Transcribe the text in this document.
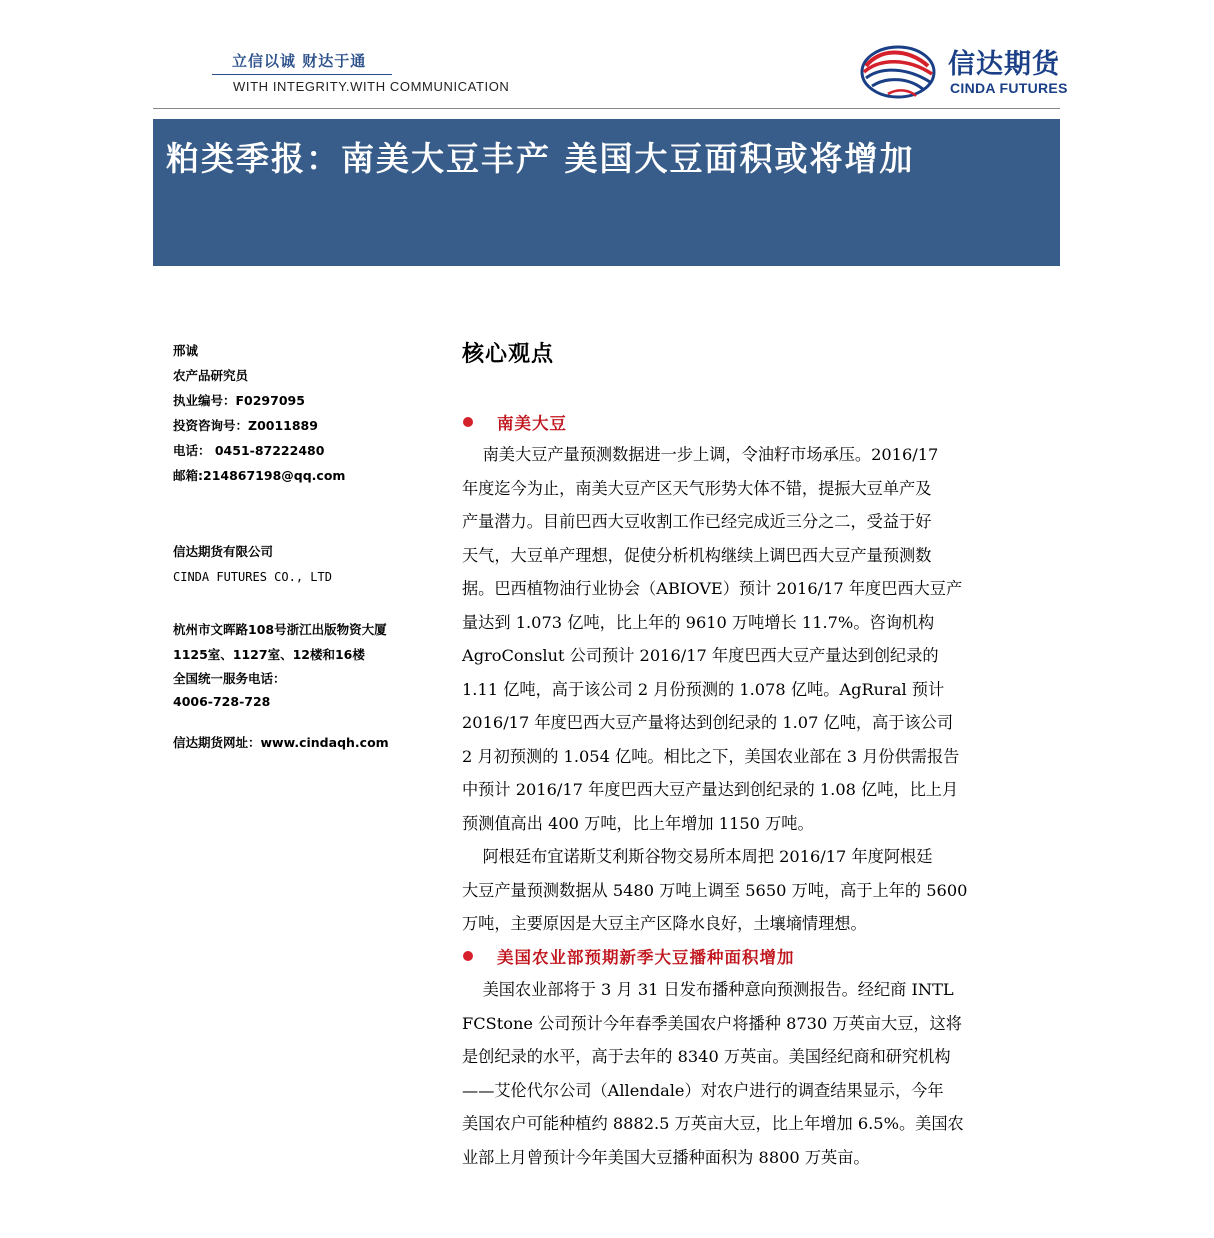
立信以诚 财达于通
WITH INTEGRITY.WITH COMMUNICATION
信达期货
CINDA FUTURES
粕类季报：南美大豆丰产 美国大豆面积或将增加
邢诚
农产品研究员
执业编号：F0297095
投资咨询号：Z0011889
电话： 0451-87222480
邮箱:214867198@qq.com
信达期货有限公司
CINDA FUTURES CO., LTD
杭州市文晖路108号浙江出版物资大厦
1125室、1127室、12楼和16楼
全国统一服务电话：
4006-728-728
信达期货网址：www.cindaqh.com
核心观点
南美大豆
南美大豆产量预测数据进一步上调，令油籽市场承压。2016/17
年度迄今为止，南美大豆产区天气形势大体不错，提振大豆单产及
产量潜力。目前巴西大豆收割工作已经完成近三分之二，受益于好
天气，大豆单产理想，促使分析机构继续上调巴西大豆产量预测数
据。巴西植物油行业协会（ABIOVE）预计 2016/17 年度巴西大豆产
量达到 1.073 亿吨，比上年的 9610 万吨增长 11.7%。咨询机构
AgroConslut 公司预计 2016/17 年度巴西大豆产量达到创纪录的
1.11 亿吨，高于该公司 2 月份预测的 1.078 亿吨。AgRural 预计
2016/17 年度巴西大豆产量将达到创纪录的 1.07 亿吨，高于该公司
2 月初预测的 1.054 亿吨。相比之下，美国农业部在 3 月份供需报告
中预计 2016/17 年度巴西大豆产量达到创纪录的 1.08 亿吨，比上月
预测值高出 400 万吨，比上年增加 1150 万吨。
阿根廷布宜诺斯艾利斯谷物交易所本周把 2016/17 年度阿根廷
大豆产量预测数据从 5480 万吨上调至 5650 万吨，高于上年的 5600
万吨，主要原因是大豆主产区降水良好，土壤墒情理想。
美国农业部预期新季大豆播种面积增加
美国农业部将于 3 月 31 日发布播种意向预测报告。经纪商 INTL
FCStone 公司预计今年春季美国农户将播种 8730 万英亩大豆，这将
是创纪录的水平，高于去年的 8340 万英亩。美国经纪商和研究机构
——艾伦代尔公司（Allendale）对农户进行的调查结果显示，今年
美国农户可能种植约 8882.5 万英亩大豆，比上年增加 6.5%。美国农
业部上月曾预计今年美国大豆播种面积为 8800 万英亩。
